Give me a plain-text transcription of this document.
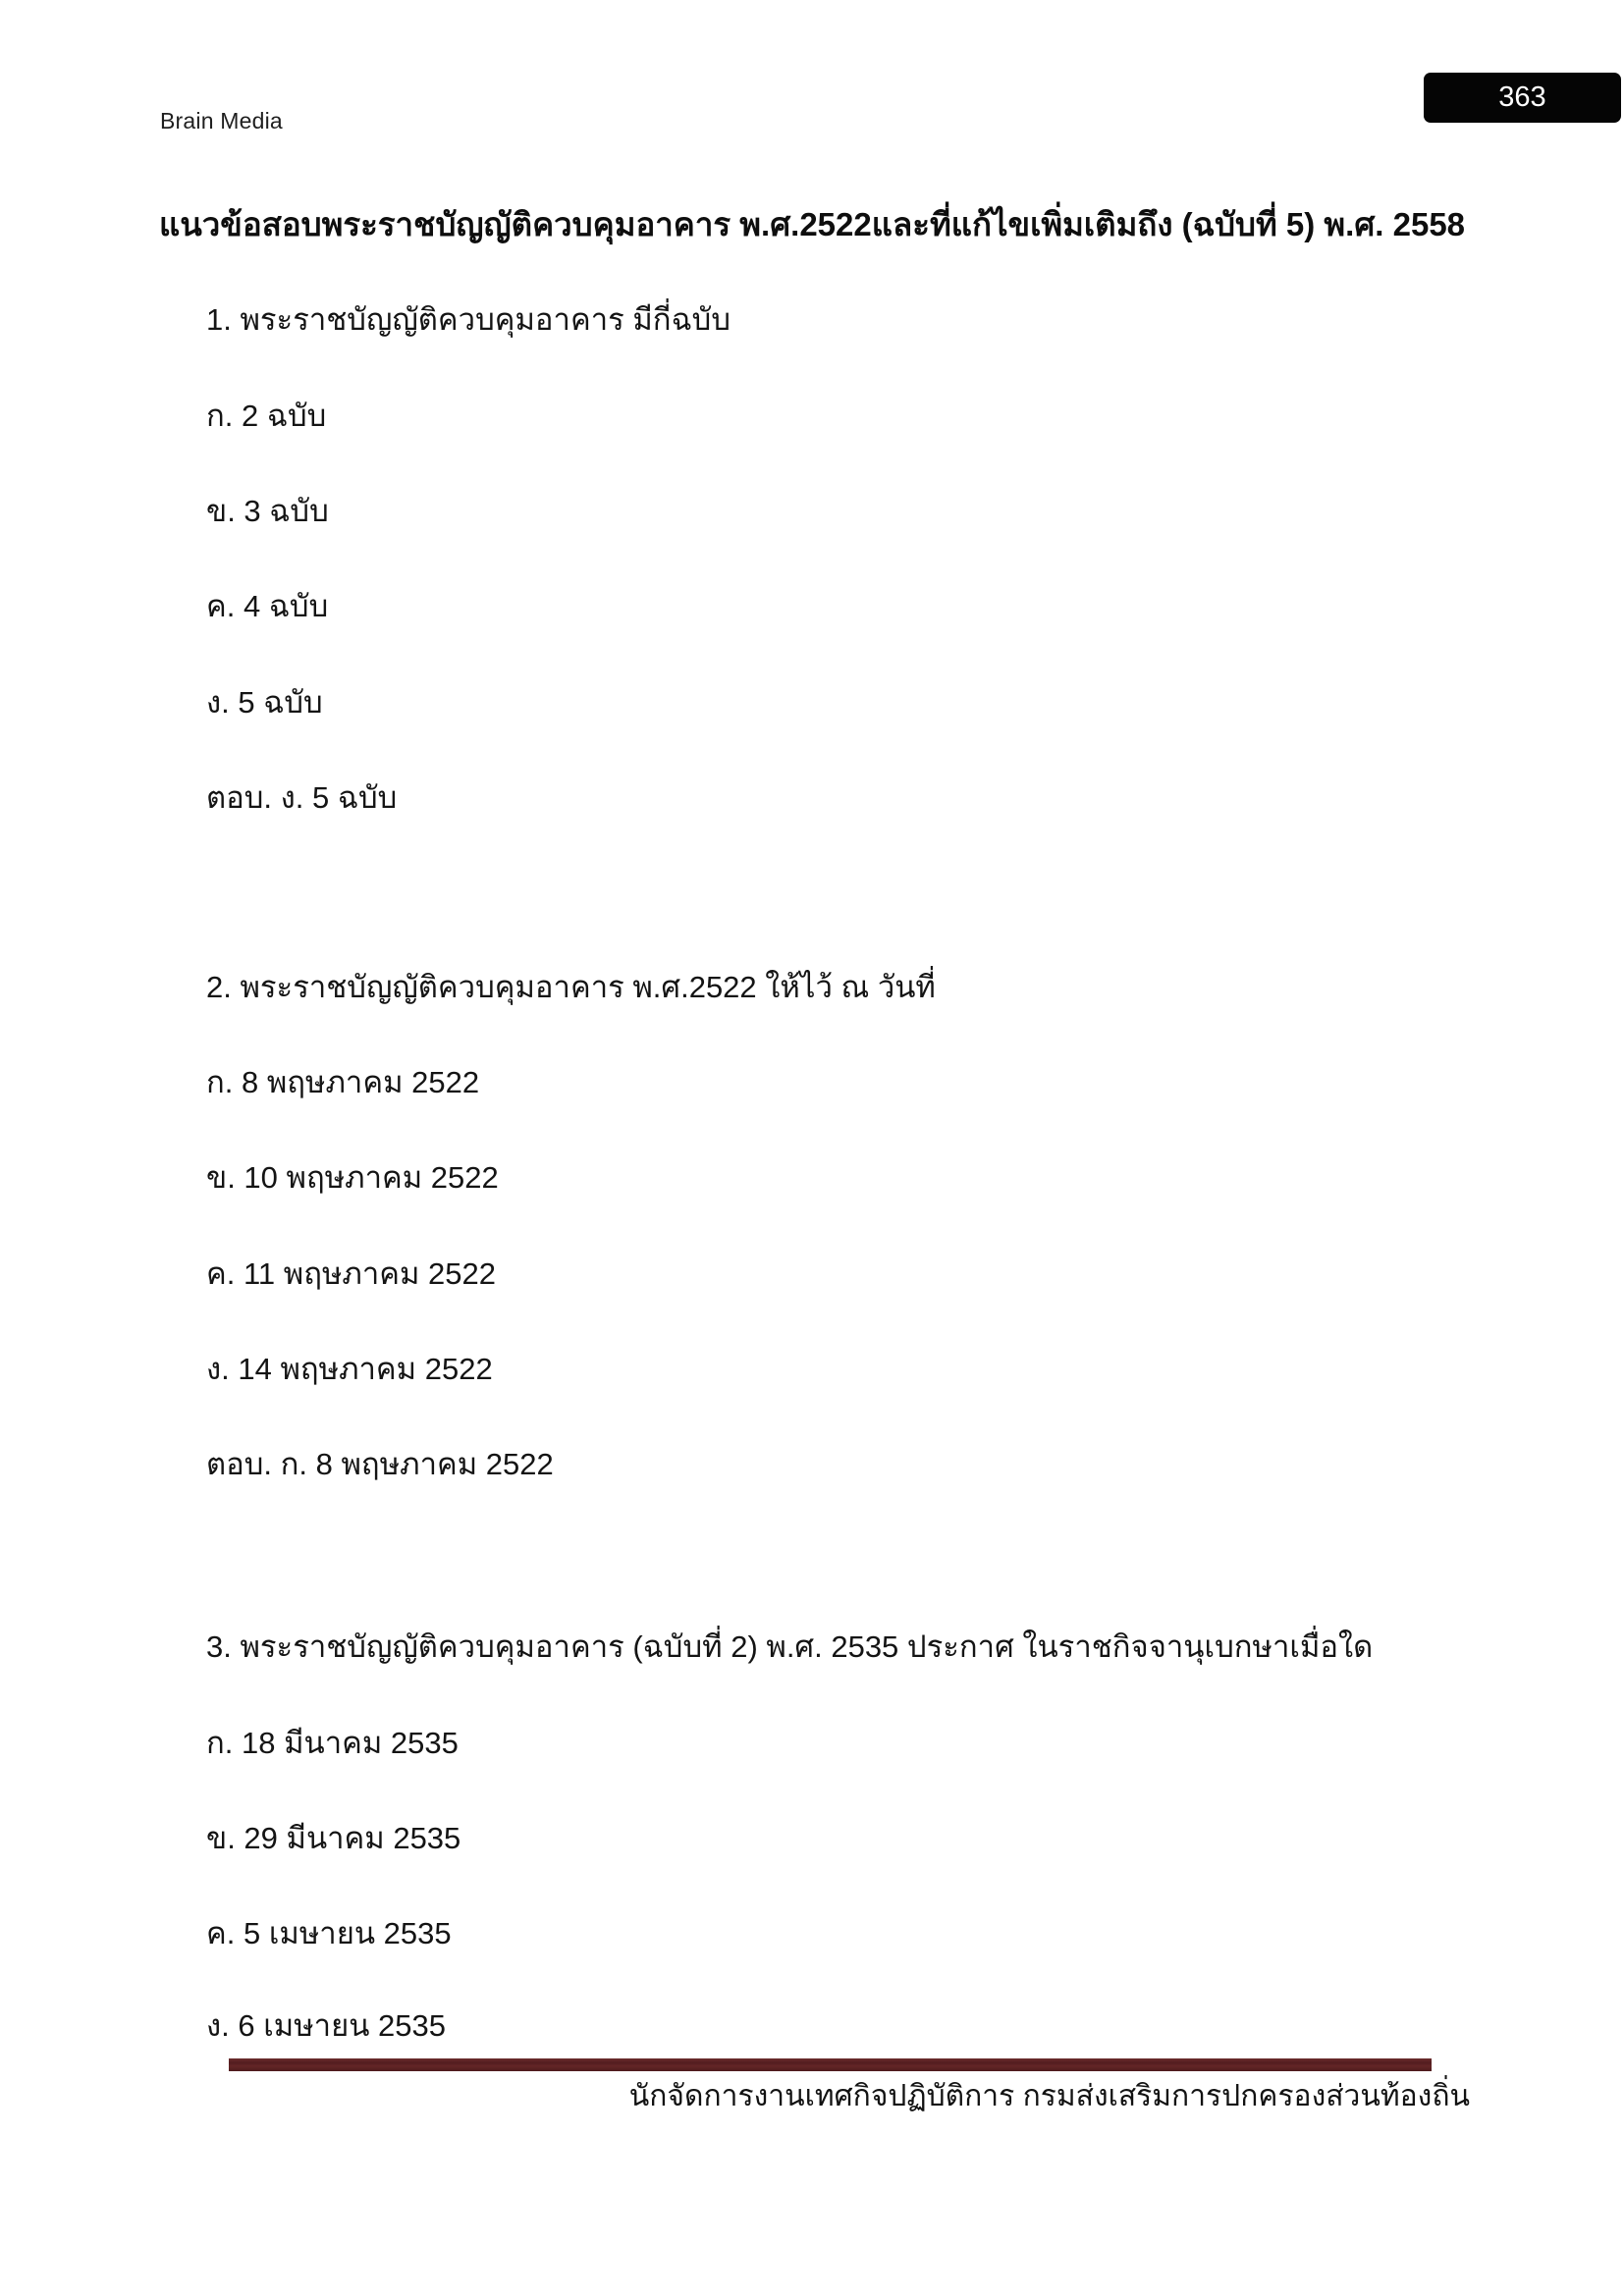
Brain Media
363
แนวข้อสอบพระราชบัญญัติควบคุมอาคาร พ.ศ.2522และที่แก้ไขเพิ่มเติมถึง (ฉบับที่ 5) พ.ศ. 2558
1. พระราชบัญญัติควบคุมอาคาร มีกี่ฉบับ
ก. 2 ฉบับ
ข. 3 ฉบับ
ค. 4 ฉบับ
ง. 5 ฉบับ
ตอบ. ง. 5 ฉบับ
2. พระราชบัญญัติควบคุมอาคาร พ.ศ.2522 ให้ไว้ ณ วันที่
ก. 8 พฤษภาคม 2522
ข. 10 พฤษภาคม 2522
ค. 11 พฤษภาคม 2522
ง. 14 พฤษภาคม 2522
ตอบ. ก. 8 พฤษภาคม 2522
3. พระราชบัญญัติควบคุมอาคาร (ฉบับที่ 2) พ.ศ. 2535 ประกาศ ในราชกิจจานุเบกษาเมื่อใด
ก. 18 มีนาคม 2535
ข. 29 มีนาคม 2535
ค. 5 เมษายน 2535
ง. 6 เมษายน 2535
นักจัดการงานเทศกิจปฏิบัติการ กรมส่งเสริมการปกครองส่วนท้องถิ่น
